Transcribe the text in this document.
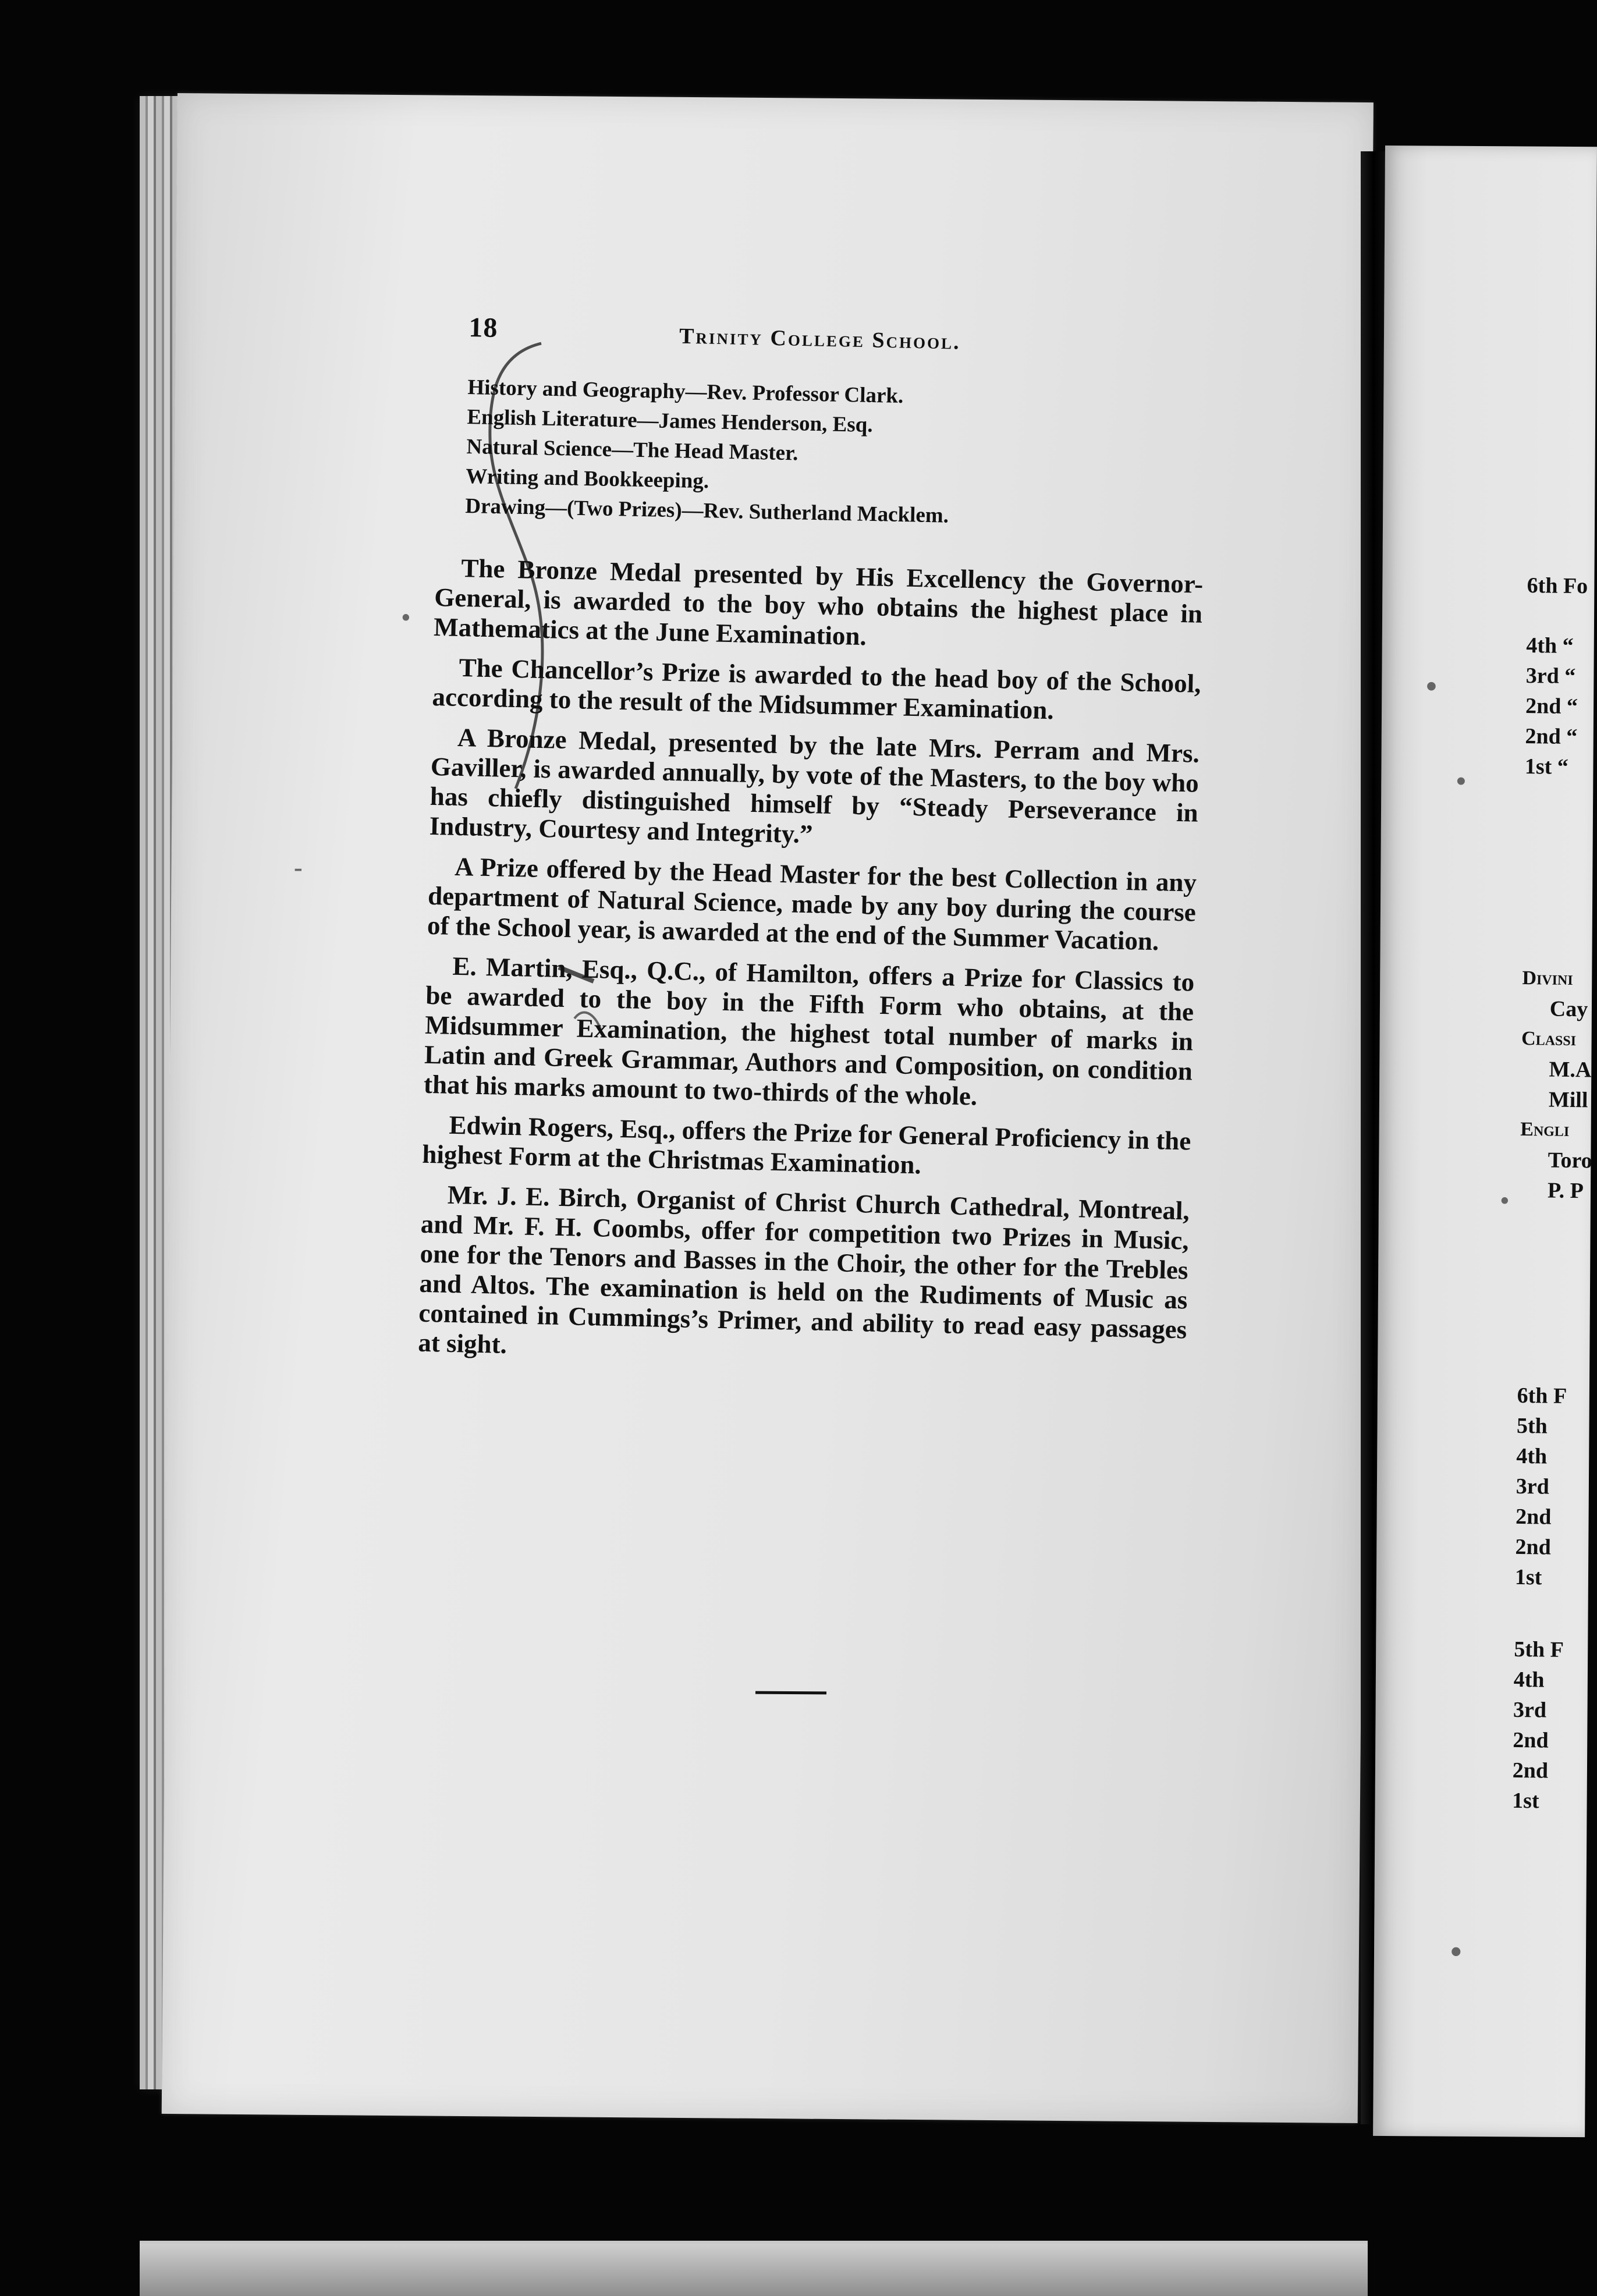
18	Trinity College School.
History and Geography—Rev. Professor Clark.
English Literature—James Henderson, Esq.
Natural Science—The Head Master.
Writing and Bookkeeping.
Drawing—(Two Prizes)—Rev. Sutherland Macklem.

The Bronze Medal presented by His Excellency the Governor-General, is awarded to the boy who obtains the highest place in Mathematics at the June Examination.

The Chancellor’s Prize is awarded to the head boy of the School, according to the result of the Midsummer Examination.

A Bronze Medal, presented by the late Mrs. Perram and Mrs. Gaviller, is awarded annually, by vote of the Masters, to the boy who has chiefly distinguished himself by “Steady Perseverance in Industry, Courtesy and Integrity.”

A Prize offered by the Head Master for the best Collection in any department of Natural Science, made by any boy during the course of the School year, is awarded at the end of the Summer Vacation.

E. Martin, Esq., Q.C., of Hamilton, offers a Prize for Classics to be awarded to the boy in the Fifth Form who obtains, at the Midsummer Examination, the highest total number of marks in Latin and Greek Grammar, Authors and Composition, on condition that his marks amount to two-thirds of the whole.

Edwin Rogers, Esq., offers the Prize for General Proficiency in the highest Form at the Christmas Examination.

Mr. J. E. Birch, Organist of Christ Church Cathedral, Montreal, and Mr. F. H. Coombs, offer for competition two Prizes in Music, one for the Tenors and Basses in the Choir, the other for the Trebles and Altos. The examination is held on the Rudiments of Music as contained in Cummings’s Primer, and ability to read easy passages at sight.

6th Fo
4th “
3rd “
2nd “
2nd “
1st “
Divini
Cay
Classi
M.A
Mill
Engli
Toro
P. P
6th F
5th
4th
3rd
2nd
2nd
1st
5th F
4th
3rd
2nd
2nd
1st
•
-
•
•
•
•
